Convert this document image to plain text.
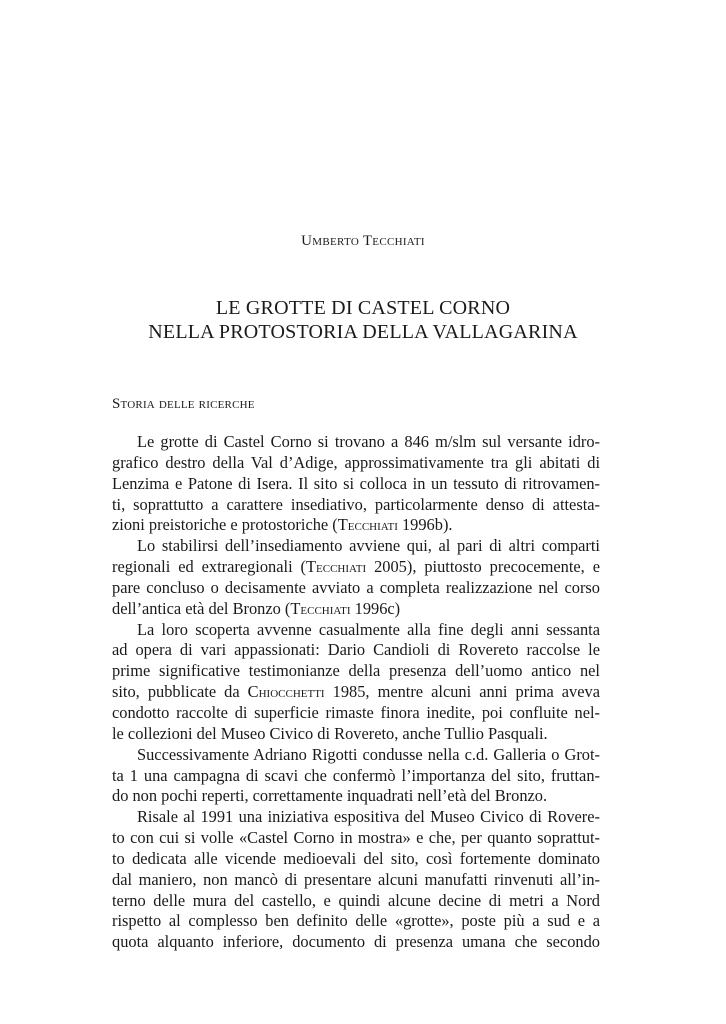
Umberto Tecchiati
LE GROTTE DI CASTEL CORNO
NELLA PROTOSTORIA DELLA VALLAGARINA
Storia delle ricerche
Le grotte di Castel Corno si trovano a 846 m/slm sul versante idro-
grafico destro della Val d’Adige, approssimativamente tra gli abitati di
Lenzima e Patone di Isera. Il sito si colloca in un tessuto di ritrovamen-
ti, soprattutto a carattere insediativo, particolarmente denso di attesta-
zioni preistoriche e protostoriche (Tecchiati 1996b).
Lo stabilirsi dell’insediamento avviene qui, al pari di altri comparti
regionali ed extraregionali (Tecchiati 2005), piuttosto precocemente, e
pare concluso o decisamente avviato a completa realizzazione nel corso
dell’antica età del Bronzo (Tecchiati 1996c)
La loro scoperta avvenne casualmente alla fine degli anni sessanta
ad opera di vari appassionati: Dario Candioli di Rovereto raccolse le
prime significative testimonianze della presenza dell’uomo antico nel
sito, pubblicate da Chiocchetti 1985, mentre alcuni anni prima aveva
condotto raccolte di superficie rimaste finora inedite, poi confluite nel-
le collezioni del Museo Civico di Rovereto, anche Tullio Pasquali.
Successivamente Adriano Rigotti condusse nella c.d. Galleria o Grot-
ta 1 una campagna di scavi che confermò l’importanza del sito, fruttan-
do non pochi reperti, correttamente inquadrati nell’età del Bronzo.
Risale al 1991 una iniziativa espositiva del Museo Civico di Rovere-
to con cui si volle «Castel Corno in mostra» e che, per quanto soprattut-
to dedicata alle vicende medioevali del sito, così fortemente dominato
dal maniero, non mancò di presentare alcuni manufatti rinvenuti all’in-
terno delle mura del castello, e quindi alcune decine di metri a Nord
rispetto al complesso ben definito delle «grotte», poste più a sud e a
quota alquanto inferiore, documento di presenza umana che secondo
